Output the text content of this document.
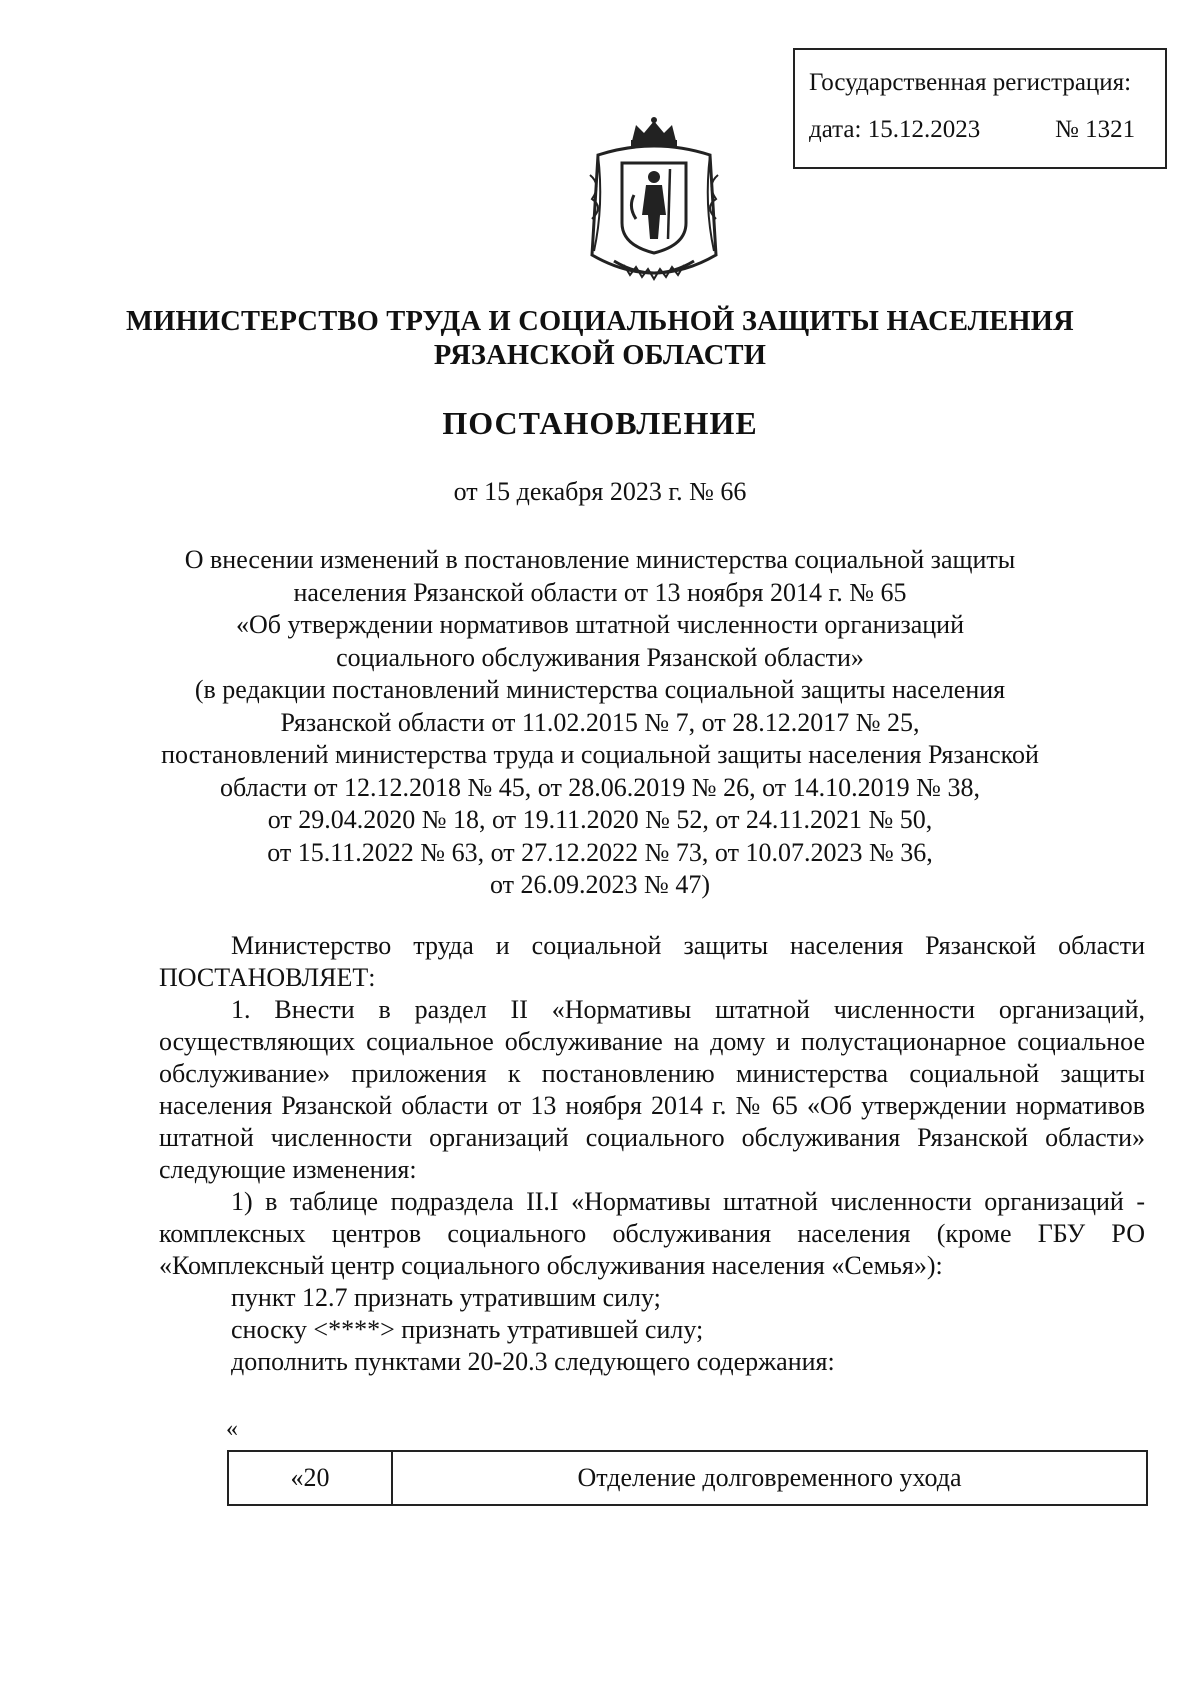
Государственная регистрация:
дата: 15.12.2023	№ 1321
МИНИСТЕРСТВО ТРУДА И СОЦИАЛЬНОЙ ЗАЩИТЫ НАСЕЛЕНИЯ
РЯЗАНСКОЙ ОБЛАСТИ
ПОСТАНОВЛЕНИЕ
от 15 декабря 2023 г. № 66
О внесении изменений в постановление министерства социальной защиты
населения Рязанской области от 13 ноября 2014 г. № 65
«Об утверждении нормативов штатной численности организаций
социального обслуживания Рязанской области»
(в редакции постановлений министерства социальной защиты населения
Рязанской области от 11.02.2015 № 7, от 28.12.2017 № 25,
постановлений министерства труда и социальной защиты населения Рязанской
области от 12.12.2018 № 45, от 28.06.2019 № 26, от 14.10.2019 № 38,
от 29.04.2020 № 18, от 19.11.2020 № 52, от 24.11.2021 № 50,
от 15.11.2022 № 63, от 27.12.2022 № 73, от 10.07.2023 № 36,
от 26.09.2023 № 47)

Министерство труда и социальной защиты населения Рязанской области ПОСТАНОВЛЯЕТ:

1. Внести в раздел II «Нормативы штатной численности организаций, осуществляющих социальное обслуживание на дому и полустационарное социальное обслуживание» приложения к постановлению министерства социальной защиты населения Рязанской области от 13 ноября 2014 г. № 65 «Об утверждении нормативов штатной численности организаций социального обслуживания Рязанской области» следующие изменения:

1) в таблице подраздела II.I «Нормативы штатной численности организаций - комплексных центров социального обслуживания населения (кроме ГБУ РО «Комплексный центр социального обслуживания населения «Семья»):

пункт 12.7 признать утратившим силу;

сноску <****> признать утратившей силу;

дополнить пунктами 20-20.3 следующего содержания:

«
«20	Отделение долговременного ухода
